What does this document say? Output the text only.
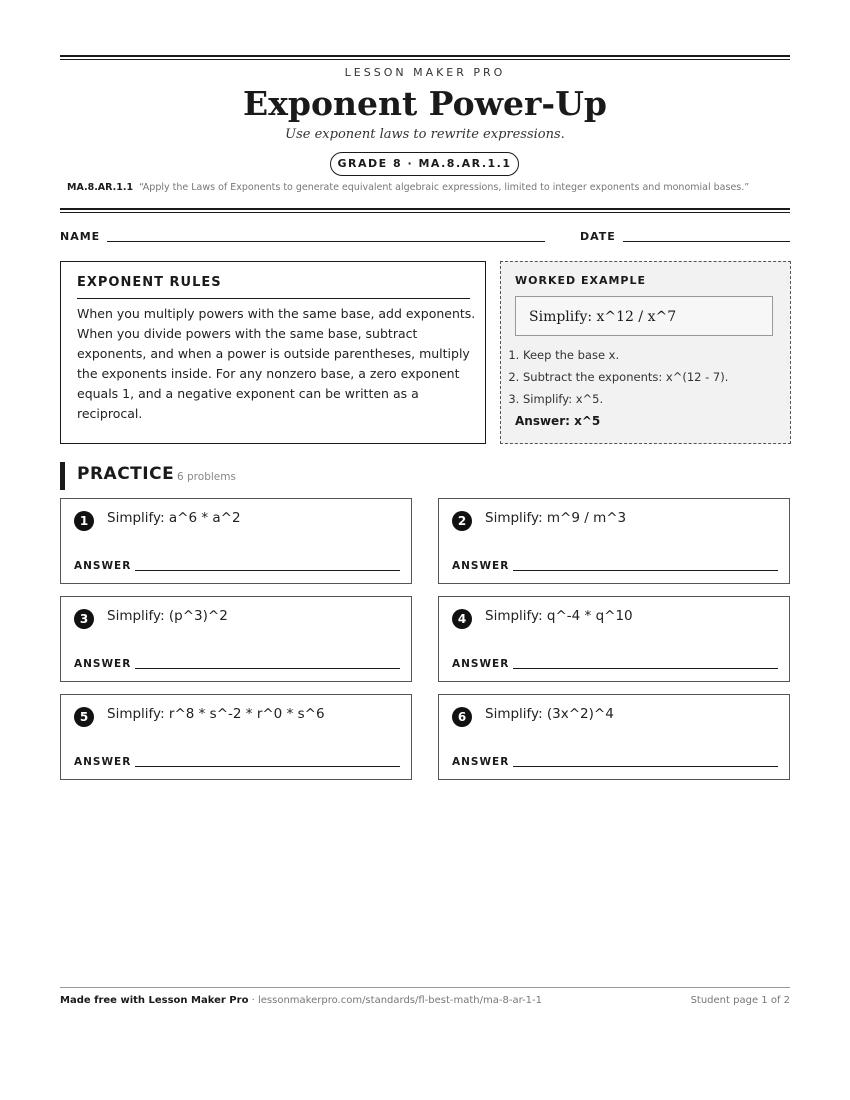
LESSON MAKER PRO
Exponent Power-Up
Use exponent laws to rewrite expressions.
GRADE 8 · MA.8.AR.1.1
MA.8.AR.1.1 “Apply the Laws of Exponents to generate equivalent algebraic expressions, limited to integer exponents and monomial bases.”
NAME	DATE
EXPONENT RULES
When you multiply powers with the same base, add exponents. When you divide powers with the same base, subtract exponents, and when a power is outside parentheses, multiply the exponents inside. For any nonzero base, a zero exponent equals 1, and a negative exponent can be written as a reciprocal.
WORKED EXAMPLE
Simplify: x^12 / x^7
1. Keep the base x.
2. Subtract the exponents: x^(12 - 7).
3. Simplify: x^5.
Answer: x^5
PRACTICE 6 problems
1	Simplify: a^6 * a^2
ANSWER
2	Simplify: m^9 / m^3
ANSWER
3	Simplify: (p^3)^2
ANSWER
4	Simplify: q^-4 * q^10
ANSWER
5	Simplify: r^8 * s^-2 * r^0 * s^6
ANSWER
6	Simplify: (3x^2)^4
ANSWER
Made free with Lesson Maker Pro · lessonmakerpro.com/standards/fl-best-math/ma-8-ar-1-1	Student page 1 of 2
